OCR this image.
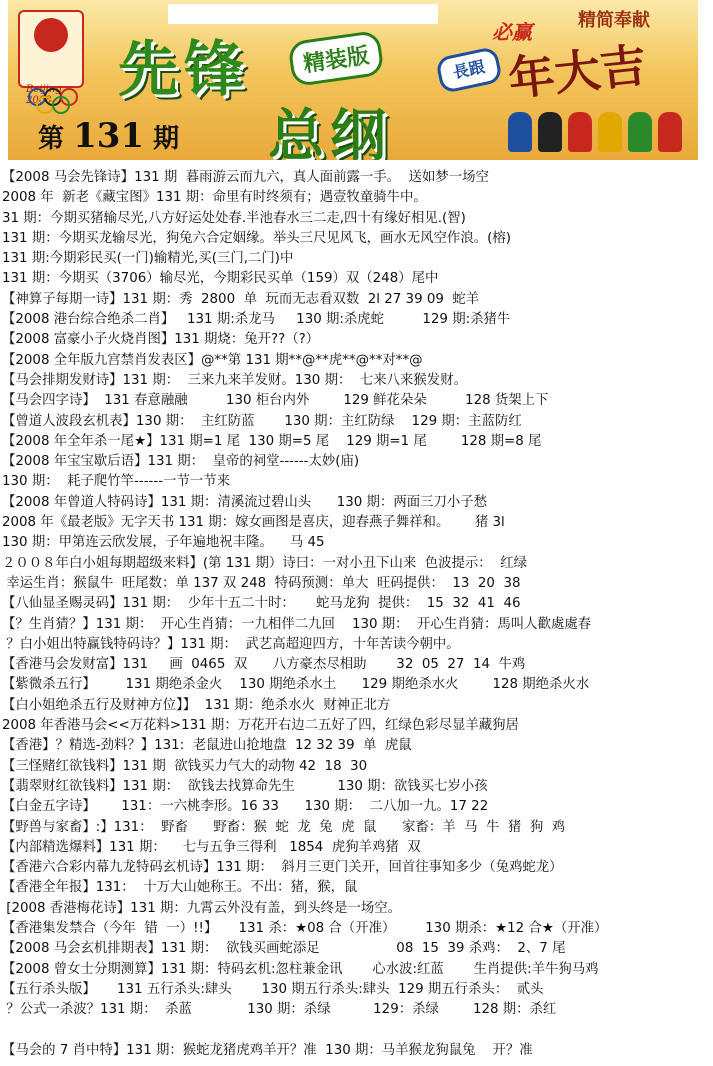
Beijing 2008	先锋	精装版
总纲
第 131 期
必赢	精简奉献
長跟 年大吉
【2008 马会先锋诗】131 期  暮雨游云而九六，真人面前露一手。  送如梦一场空
2008 年  新老《藏宝图》131 期：命里有时终须有；遇壹牧童骑牛中。
31 期：今期买猪输尽光,八方好运处处春.半池春水三二走,四十有缘好相见.(智)
131 期：今期买龙输尽光，狗兔六合定姻缘。举头三尺见风飞，画水无风空作浪。(榕)
131 期:今期彩民买(一门)输精光,买(三门,二门)中
131 期：今期买（3706）输尽光，今期彩民买单（159）双（248）尾中
【神算子每期一诗】131 期：秀  2800  单  玩而无志看双数  2l 27 39 09  蛇羊
【2008 港台综合绝杀二肖】   131 期:杀龙马     130 期:杀虎蛇         129 期:杀猪牛
【2008 富豪小子火烧肖图】131 期烧：兔开??（?）
【2008 全年版九宫禁肖发表区】@**第 131 期**@**虎**@**对**@
【马会排期发财诗】131 期：  三来九来羊发财。130 期：  七来八来猴发财。
【马会四字诗】  131 春意融融         130 柜台内外        129 鲜花朵朵         128 货架上下
【曾道人波段玄机表】130 期：  主红防蓝       130 期：主红防绿    129 期：主蓝防红
【2008 年全年杀一尾★】131 期=1 尾  130 期=5 尾    129 期=1 尾        128 期=8 尾
【2008 年宝宝歇后语】131 期：  皇帝的祠堂------太妙(庙)
130 期：  耗子爬竹竿------一节一节来
【2008 年曾道人特码诗】131 期：清溪流过碧山头      130 期：两面三刀小子愁
2008 年《最老版》无字天书 131 期：嫁女画图是喜庆，迎春燕子舞祥和。      猪 3l
130 期：甲第连云欣发展，子年遍地祝丰隆。    马 45
２００８年白小姐每期超级来料】(第 131 期）诗曰：一对小丑下山来  色波提示：  红绿
幸运生肖：猴鼠牛  旺尾数：单 137 双 248  特码预测：单大  旺码提供：  13  20  38
【八仙显圣赐灵码】131 期：  少年十五二十时：     蛇马龙狗  提供：  15  32  41  46
【？生肖猜？】131 期：  开心生肖猜：一九相伴二九回    130 期：  开心生肖猜：馬叫人歡處處春
？白小姐出特赢钱特码诗？】131 期：  武艺高超迎四方，十年苦读今朝中。
【香港马会发财富】131     画  0465  双      八方豪杰尽相助       32  05  27  14  牛鸡
【紫微杀五行】       131 期绝杀金火    130 期绝杀水土      129 期绝杀水火        128 期绝杀火水
【白小姐绝杀五行及财神方位】】  131 期：绝杀水火  财神正北方
2008 年香港马会<<万花料>131 期：万花开右边二五好了四，红绿色彩尽显羊藏狗居
【香港】？精选-劲料？】131:  老鼠进山抢地盘  12 32 39  单  虎鼠
【三怪赌红欲钱料】131 期  欲钱买力气大的动物 42  18  30
【翡翠财红欲钱料】131 期：  欲钱去找算命先生          130 期：欲钱买七岁小孩
【白金五字诗】      131：一六桃李形。16 33      130 期：  二八加一九。17 22
【野兽与家畜】:】131：  野畜      野畜：猴  蛇  龙  兔  虎  鼠      家畜：羊  马  牛  猪  狗  鸡
【内部精选爆料】131 期：    七与五争三得利   1854  虎狗羊鸡猪  双
【香港六合彩内幕九龙特码玄机诗】131 期：  斜月三更门关开，回首往事知多少（兔鸡蛇龙）
【香港全年报】131：  十万大山她称王。不出：猪，猴，鼠
[2008 香港梅花诗】131 期：九霄云外没有盖，到头终是一场空。
【香港集发禁合（今年  错  一）!!】     131 杀：★08 合（开准）       130 期杀：★12 合★（开准）
【2008 马会玄机排期表】131 期：  欲钱买画蛇添足                  08  15  39 杀鸡：  2、7 尾
【2008 曾女士分期测算】131 期：特码玄机:忽柱兼金讯       心水波:红蓝       生肖提供:羊牛狗马鸡
【五行杀头版】     131 五行杀头:肆头       130 期五行杀头:肆头  129 期五行杀头：  贰头
？公式一杀波？131 期：  杀蓝             130 期：杀绿          129：杀绿        128 期：杀红
【马会的 7 肖中特】131 期：猴蛇龙猪虎鸡羊开？准  130 期：马羊猴龙狗鼠兔    开？准
